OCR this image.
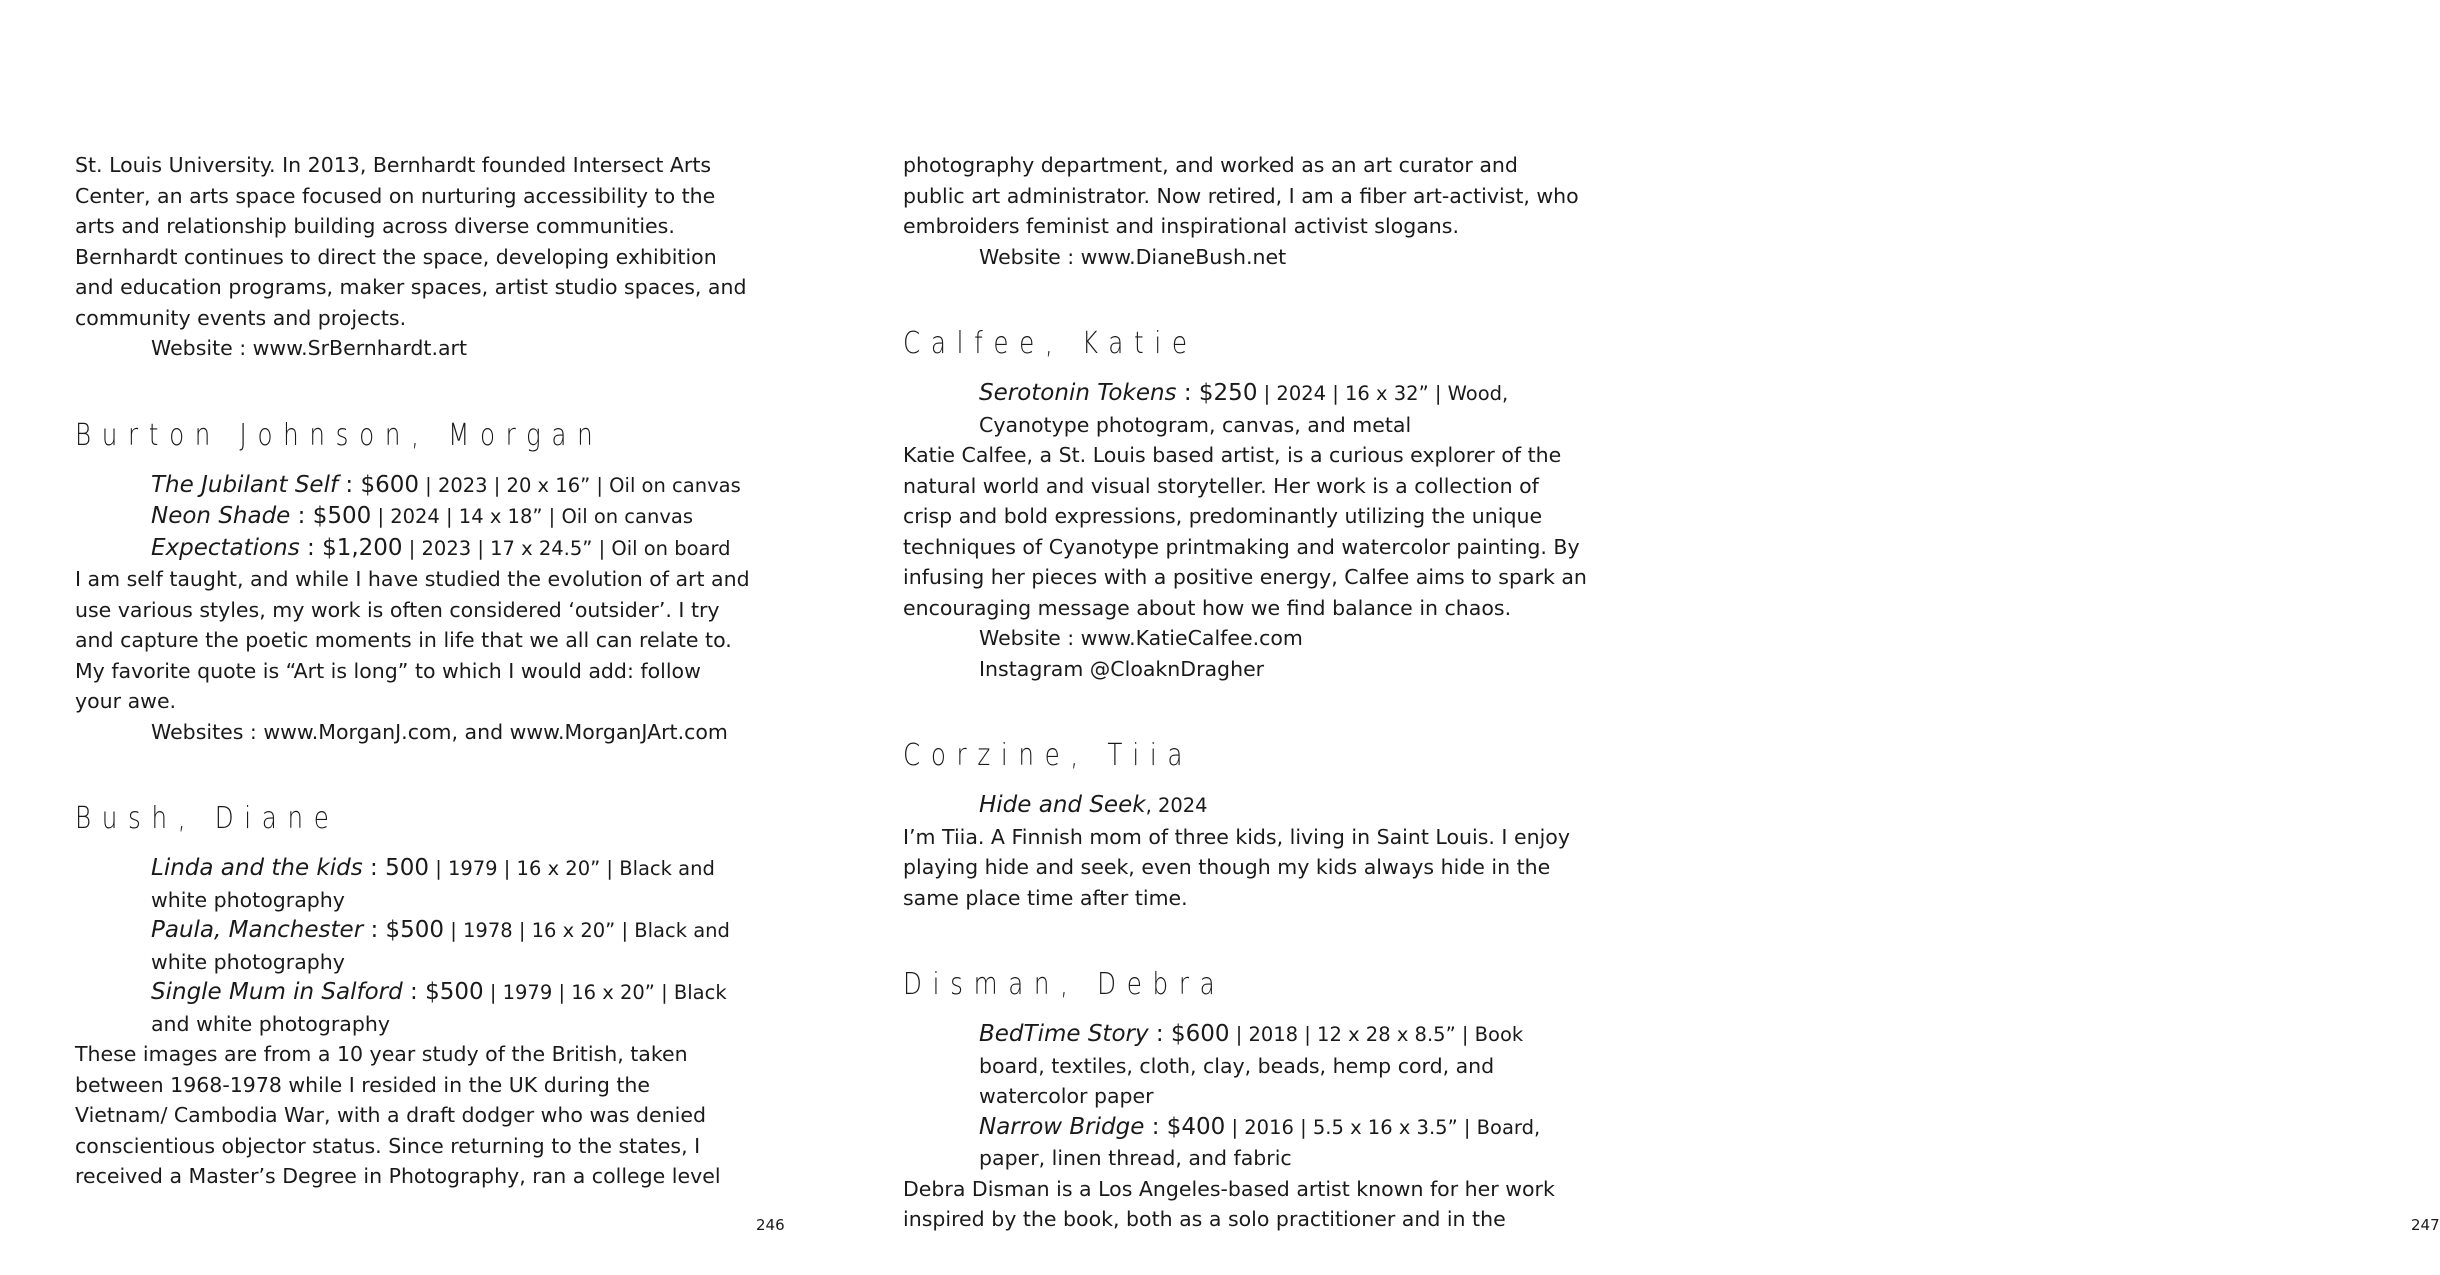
St. Louis University. In 2013, Bernhardt founded Intersect Arts

Center, an arts space focused on nurturing accessibility to the

arts and relationship building across diverse communities.

Bernhardt continues to direct the space, developing exhibition

and education programs, maker spaces, artist studio spaces, and

community events and projects.

Website : www.SrBernhardt.art

Burton Johnson, Morgan

The Jubilant Self : $600 | 2023 | 20 x 16” | Oil on canvas

Neon Shade : $500 | 2024 | 14 x 18” | Oil on canvas

Expectations : $1,200 | 2023 | 17 x 24.5” | Oil on board

I am self taught, and while I have studied the evolution of art and

use various styles, my work is often considered ‘outsider’. I try

and capture the poetic moments in life that we all can relate to.

My favorite quote is “Art is long” to which I would add: follow

your awe.

Websites : www.MorganJ.com, and www.MorganJArt.com

Bush, Diane

Linda and the kids : 500 | 1979 | 16 x 20” | Black and

white photography

Paula, Manchester : $500 | 1978 | 16 x 20” | Black and

white photography

Single Mum in Salford : $500 | 1979 | 16 x 20” | Black

and white photography

These images are from a 10 year study of the British, taken

between 1968-1978 while I resided in the UK during the

Vietnam/ Cambodia War, with a draft dodger who was denied

conscientious objector status. Since returning to the states, I

received a Master’s Degree in Photography, ran a college level

246

photography department, and worked as an art curator and

public art administrator. Now retired, I am a fiber art-activist, who

embroiders feminist and inspirational activist slogans.

Website : www.DianeBush.net

Calfee, Katie

Serotonin Tokens : $250 | 2024 | 16 x 32” | Wood,

Cyanotype photogram, canvas, and metal

Katie Calfee, a St. Louis based artist, is a curious explorer of the

natural world and visual storyteller. Her work is a collection of

crisp and bold expressions, predominantly utilizing the unique

techniques of Cyanotype printmaking and watercolor painting. By

infusing her pieces with a positive energy, Calfee aims to spark an

encouraging message about how we find balance in chaos.

Website : www.KatieCalfee.com

Instagram @CloaknDragher

Corzine, Tiia

Hide and Seek, 2024

I’m Tiia. A Finnish mom of three kids, living in Saint Louis. I enjoy

playing hide and seek, even though my kids always hide in the

same place time after time.

Disman, Debra

BedTime Story : $600 | 2018 | 12 x 28 x 8.5” | Book

board, textiles, cloth, clay, beads, hemp cord, and

watercolor paper

Narrow Bridge : $400 | 2016 | 5.5 x 16 x 3.5” | Board,

paper, linen thread, and fabric

Debra Disman is a Los Angeles-based artist known for her work

inspired by the book, both as a solo practitioner and in the	247
